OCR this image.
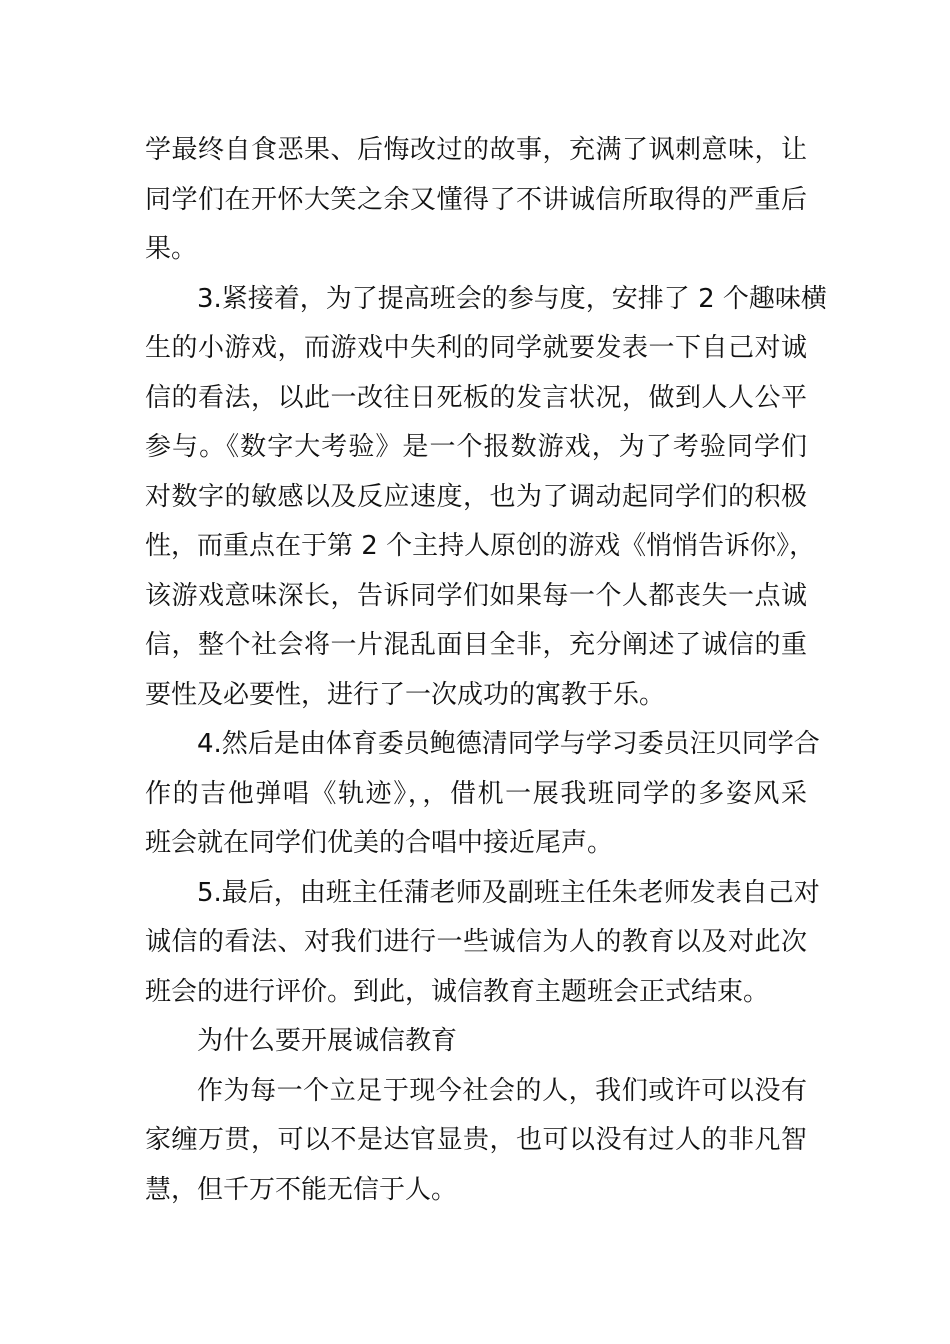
学最终自食恶果、后悔改过的故事，充满了讽刺意味，让
同学们在开怀大笑之余又懂得了不讲诚信所取得的严重后
果。
3.紧接着，为了提高班会的参与度，安排了 2 个趣味横
生的小游戏，而游戏中失利的同学就要发表一下自己对诚
信的看法，以此一改往日死板的发言状况，做到人人公平
参与。《数字大考验》是一个报数游戏，为了考验同学们
对数字的敏感以及反应速度，也为了调动起同学们的积极
性，而重点在于第 2 个主持人原创的游戏《悄悄告诉你》，
该游戏意味深长，告诉同学们如果每一个人都丧失一点诚
信，整个社会将一片混乱面目全非，充分阐述了诚信的重
要性及必要性，进行了一次成功的寓教于乐。
4.然后是由体育委员鲍德清同学与学习委员汪贝同学合
作的吉他弹唱《轨迹》，，借机一展我班同学的多姿风采
班会就在同学们优美的合唱中接近尾声。
5.最后，由班主任蒲老师及副班主任朱老师发表自己对
诚信的看法、对我们进行一些诚信为人的教育以及对此次
班会的进行评价。到此，诚信教育主题班会正式结束。
为什么要开展诚信教育
作为每一个立足于现今社会的人，我们或许可以没有
家缠万贯，可以不是达官显贵，也可以没有过人的非凡智
慧，但千万不能无信于人。
